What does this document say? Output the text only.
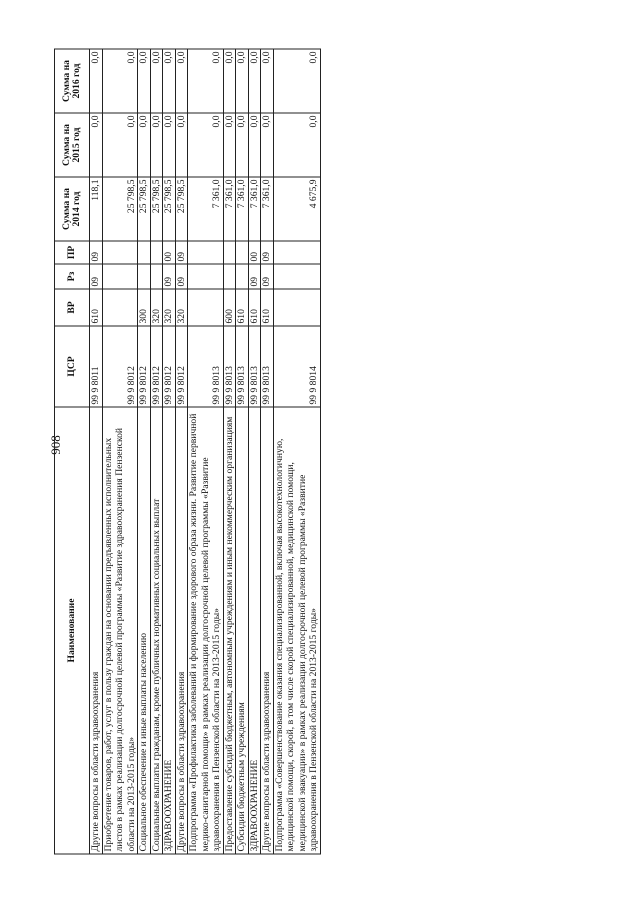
908
Наименование	ЦСР	ВР	Рз	ПР	Сумма на 2014 год	Сумма на 2015 год	Сумма на 2016 год
Другие вопросы в области здравоохранения	99 9 8011	610	09	09	118,1	0,0	0,0
Приобретение товаров, работ, услуг в пользу граждан на основании предъявленных исполнительных листов в рамках реализации долгосрочной целевой программы «Развитие здравоохранения Пензенской области на 2013-2015 годы»	99 9 8012				25 798,5	0,0	0,0
Социальное обеспечение и иные выплаты населению	99 9 8012	300			25 798,5	0,0	0,0
Социальные выплаты гражданам, кроме публичных нормативных социальных выплат	99 9 8012	320			25 798,5	0,0	0,0
ЗДРАВООХРАНЕНИЕ	99 9 8012	320	09	00	25 798,5	0,0	0,0
Другие вопросы в области здравоохранения	99 9 8012	320	09	09	25 798,5	0,0	0,0
Подпрограмма «Профилактика заболеваний и формирование здорового образа жизни. Развитие первичной медико-санитарной помощи» в рамках реализации долгосрочной целевой программы «Развитие здравоохранения в Пензенской области на 2013-2015 годы»	99 9 8013				7 361,0	0,0	0,0
Предоставление субсидий бюджетным, автономным учреждениям и иным некоммерческим организациям	99 9 8013	600			7 361,0	0,0	0,0
Субсидии бюджетным учреждениям	99 9 8013	610			7 361,0	0,0	0,0
ЗДРАВООХРАНЕНИЕ	99 9 8013	610	09	00	7 361,0	0,0	0,0
Другие вопросы в области здравоохранения	99 9 8013	610	09	09	7 361,0	0,0	0,0
Подпрограмма «Совершенствование оказания специализированной, включая высокотехнологичную, медицинской помощи, скорой, в том числе скорой специализированной, медицинской помощи, медицинской эвакуации» в рамках реализации долгосрочной целевой программы «Развитие здравоохранения в Пензенской области на 2013-2015 годы»	99 9 8014				4 675,9	0,0	0,0
